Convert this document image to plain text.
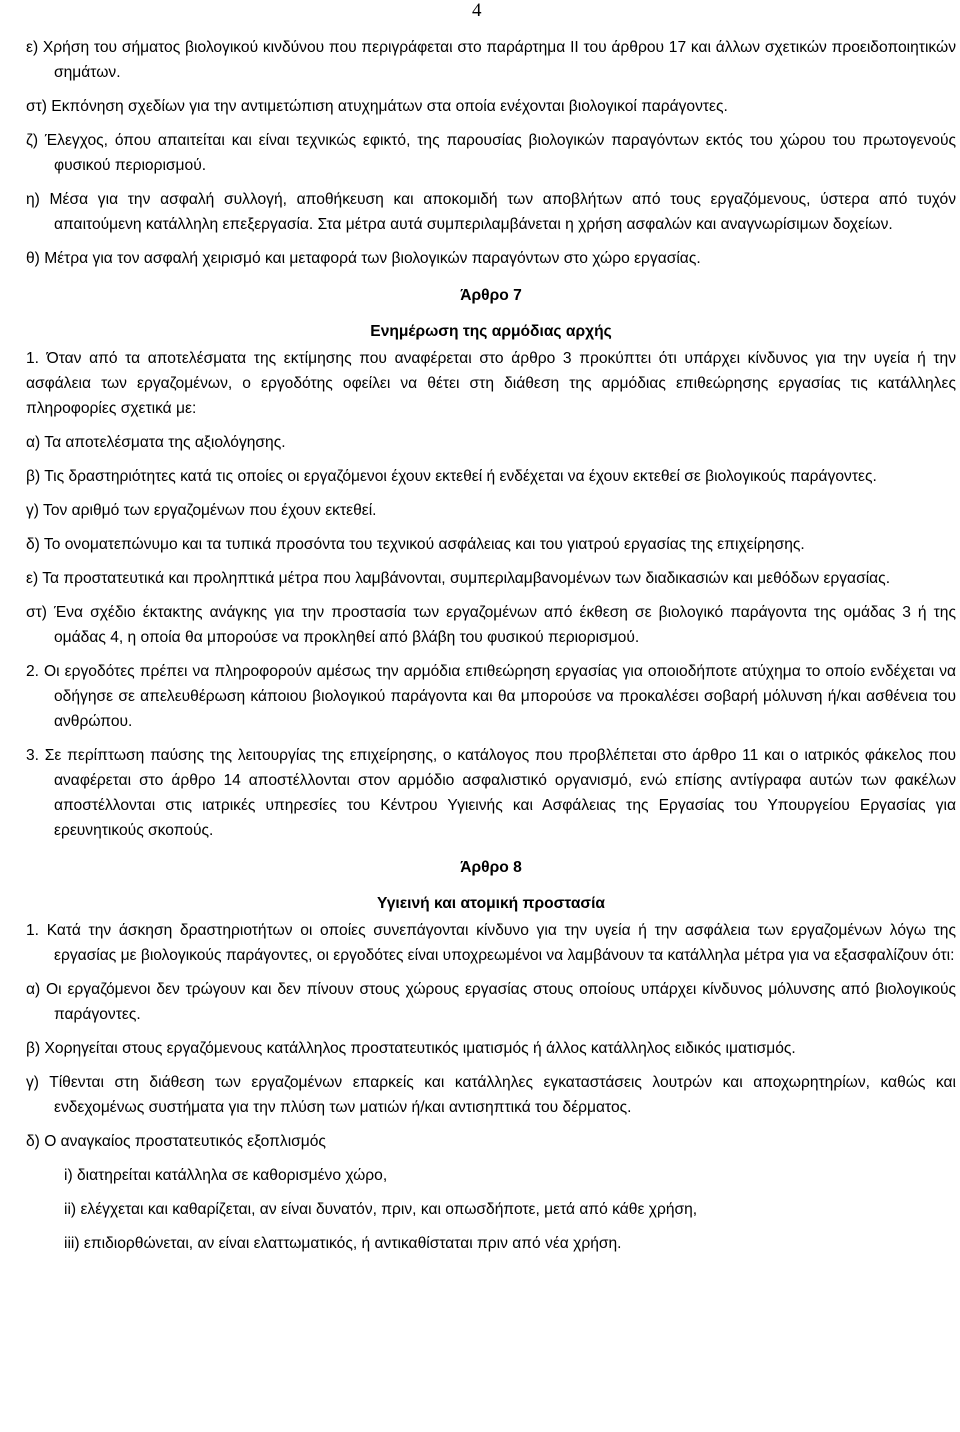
4

ε) Χρήση του σήματος βιολογικού κινδύνου που περιγράφεται στο παράρτημα ΙΙ του άρθρου 17 και άλλων σχετικών προειδοποιητικών σημάτων.

στ) Εκπόνηση σχεδίων για την αντιμετώπιση ατυχημάτων στα οποία ενέχονται βιολογικοί παράγοντες.

ζ) Έλεγχος, όπου απαιτείται και είναι τεχνικώς εφικτό, της παρουσίας βιολογικών παραγόντων εκτός του χώρου του πρωτογενούς φυσικού περιορισμού.

η) Μέσα για την ασφαλή συλλογή, αποθήκευση και αποκομιδή των αποβλήτων από τους εργαζόμενους, ύστερα από τυχόν απαιτούμενη κατάλληλη επεξεργασία. Στα μέτρα αυτά συμπεριλαμβάνεται η χρήση ασφαλών και αναγνωρίσιμων δοχείων.

θ) Μέτρα για τον ασφαλή χειρισμό και μεταφορά των βιολογικών παραγόντων στο χώρο εργασίας.

Άρθρο 7

Ενημέρωση της αρμόδιας αρχής

1. Όταν από τα αποτελέσματα της εκτίμησης που αναφέρεται στο άρθρο 3 προκύπτει ότι υπάρχει κίνδυνος για την υγεία ή την ασφάλεια των εργαζομένων, ο εργοδότης οφείλει να θέτει στη διάθεση της αρμόδιας επιθεώρησης εργασίας τις κατάλληλες πληροφορίες σχετικά με:

α) Τα αποτελέσματα της αξιολόγησης.

β) Τις δραστηριότητες κατά τις οποίες οι εργαζόμενοι έχουν εκτεθεί ή ενδέχεται να έχουν εκτεθεί σε βιολογικούς παράγοντες.

γ) Τον αριθμό των εργαζομένων που έχουν εκτεθεί.

δ) Το ονοματεπώνυμο και τα τυπικά προσόντα του τεχνικού ασφάλειας και του γιατρού εργασίας της επιχείρησης.

ε) Τα προστατευτικά και προληπτικά μέτρα που λαμβάνονται, συμπεριλαμβανομένων των διαδικασιών και μεθόδων εργασίας.

στ) Ένα σχέδιο έκτακτης ανάγκης για την προστασία των εργαζομένων από έκθεση σε βιολογικό παράγοντα της ομάδας 3 ή της ομάδας 4, η οποία θα μπορούσε να προκληθεί από βλάβη του φυσικού περιορισμού.

2. Οι εργοδότες πρέπει να πληροφορούν αμέσως την αρμόδια επιθεώρηση εργασίας για οποιοδήποτε ατύχημα το οποίο ενδέχεται να οδήγησε σε απελευθέρωση κάποιου βιολογικού παράγοντα και θα μπορούσε να προκαλέσει σοβαρή μόλυνση ή/και ασθένεια του ανθρώπου.

3. Σε περίπτωση παύσης της λειτουργίας της επιχείρησης, ο κατάλογος που προβλέπεται στο άρθρο 11 και ο ιατρικός φάκελος που αναφέρεται στο άρθρο 14 αποστέλλονται στον αρμόδιο ασφαλιστικό οργανισμό, ενώ επίσης αντίγραφα αυτών των φακέλων αποστέλλονται στις ιατρικές υπηρεσίες του Κέντρου Υγιεινής και Ασφάλειας της Εργασίας του Υπουργείου Εργασίας για ερευνητικούς σκοπούς.

Άρθρο 8

Υγιεινή και ατομική προστασία

1. Κατά την άσκηση δραστηριοτήτων οι οποίες συνεπάγονται κίνδυνο για την υγεία ή την ασφάλεια των εργαζομένων λόγω της εργασίας με βιολογικούς παράγοντες, οι εργοδότες είναι υποχρεωμένοι να λαμβάνουν τα κατάλληλα μέτρα για να εξασφαλίζουν ότι:

α) Οι εργαζόμενοι δεν τρώγουν και δεν πίνουν στους χώρους εργασίας στους οποίους υπάρχει κίνδυνος μόλυνσης από βιολογικούς παράγοντες.

β) Χορηγείται στους εργαζόμενους κατάλληλος προστατευτικός ιματισμός ή άλλος κατάλληλος ειδικός ιματισμός.

γ) Τίθενται στη διάθεση των εργαζομένων επαρκείς και κατάλληλες εγκαταστάσεις λουτρών και αποχωρητηρίων, καθώς και ενδεχομένως συστήματα για την πλύση των ματιών ή/και αντισηπτικά του δέρματος.

δ) Ο αναγκαίος προστατευτικός εξοπλισμός

i) διατηρείται κατάλληλα σε καθορισμένο χώρο,

ii) ελέγχεται και καθαρίζεται, αν είναι δυνατόν, πριν, και οπωσδήποτε, μετά από κάθε χρήση,

iii) επιδιορθώνεται, αν είναι ελαττωματικός, ή αντικαθίσταται πριν από νέα χρήση.
